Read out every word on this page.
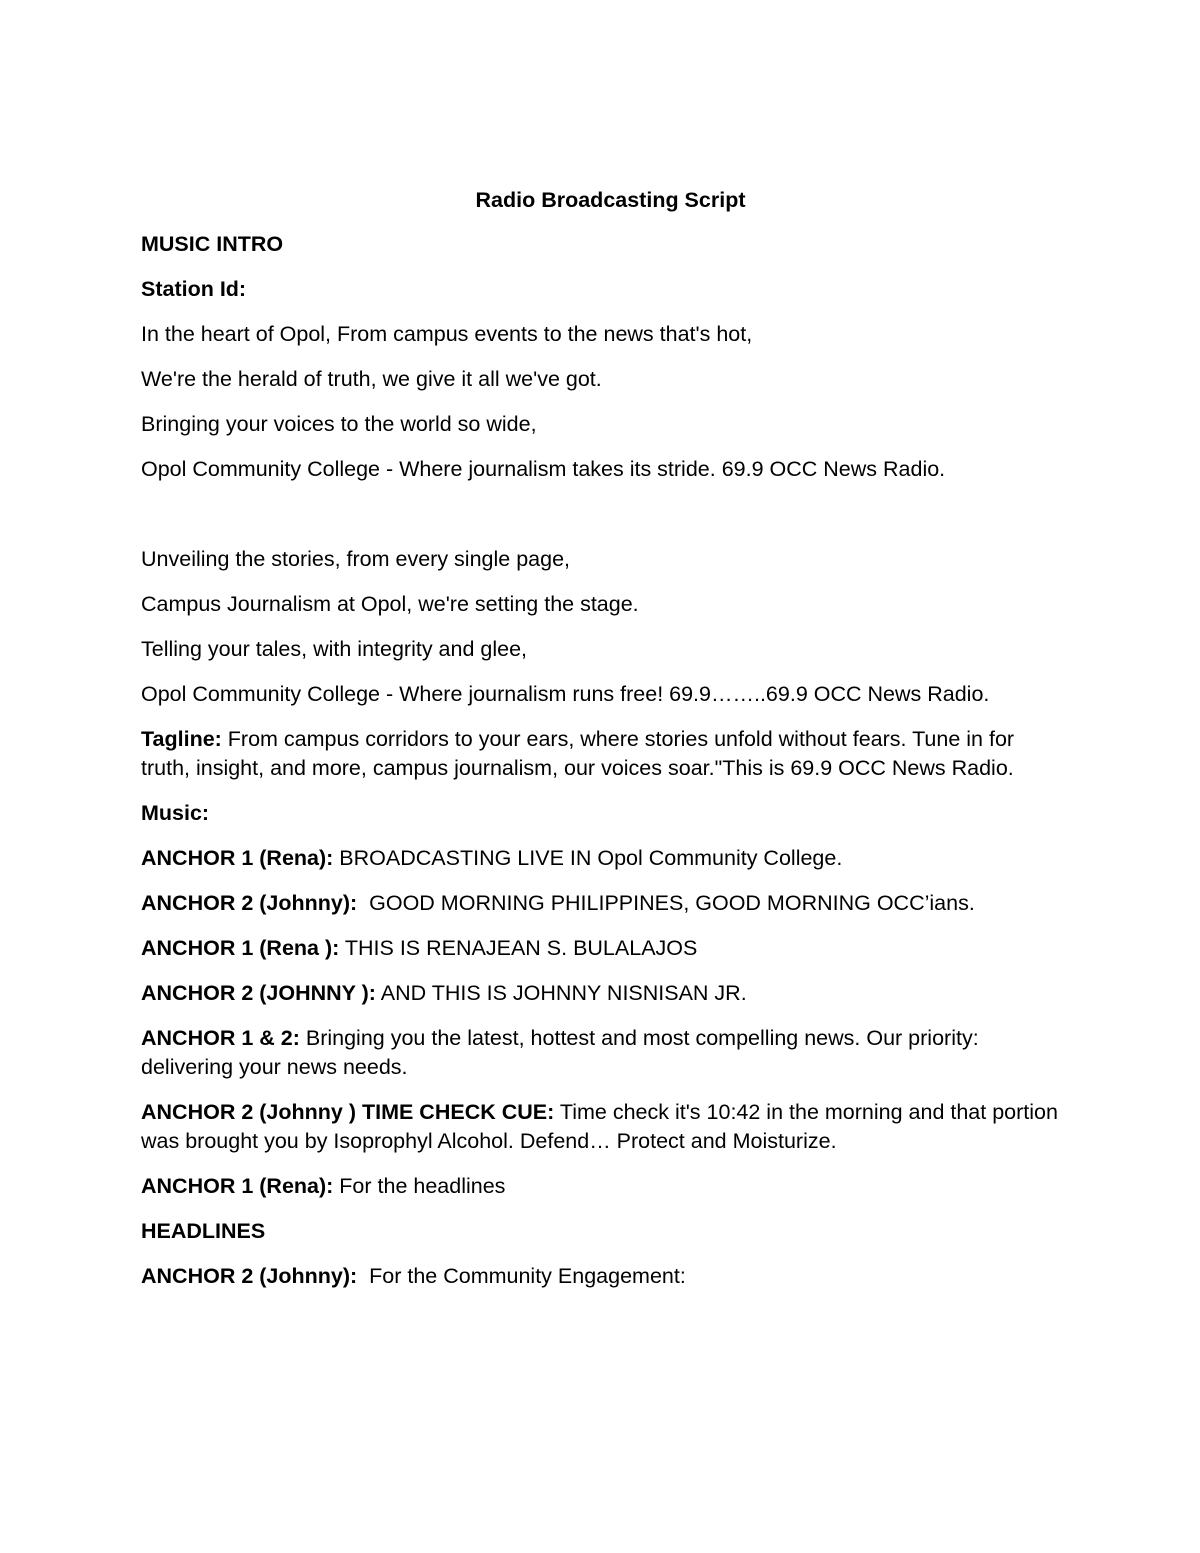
Radio Broadcasting Script
MUSIC INTRO
Station Id:
In the heart of Opol, From campus events to the news that's hot,
We're the herald of truth, we give it all we've got.
Bringing your voices to the world so wide,
Opol Community College - Where journalism takes its stride. 69.9 OCC News Radio.
Unveiling the stories, from every single page,
Campus Journalism at Opol, we're setting the stage.
Telling your tales, with integrity and glee,
Opol Community College - Where journalism runs free! 69.9……..69.9 OCC News Radio.
Tagline: From campus corridors to your ears, where stories unfold without fears. Tune in for truth, insight, and more, campus journalism, our voices soar."This is 69.9 OCC News Radio.
Music:
ANCHOR 1 (Rena): BROADCASTING LIVE IN Opol Community College.
ANCHOR 2 (Johnny):  GOOD MORNING PHILIPPINES, GOOD MORNING OCC’ians.
ANCHOR 1 (Rena ): THIS IS RENAJEAN S. BULALAJOS
ANCHOR 2 (JOHNNY ): AND THIS IS JOHNNY NISNISAN JR.
ANCHOR 1 & 2: Bringing you the latest, hottest and most compelling news. Our priority: delivering your news needs.
ANCHOR 2 (Johnny ) TIME CHECK CUE: Time check it's 10:42 in the morning and that portion was brought you by Isoprophyl Alcohol. Defend… Protect and Moisturize.
ANCHOR 1 (Rena): For the headlines
HEADLINES
ANCHOR 2 (Johnny):  For the Community Engagement:
